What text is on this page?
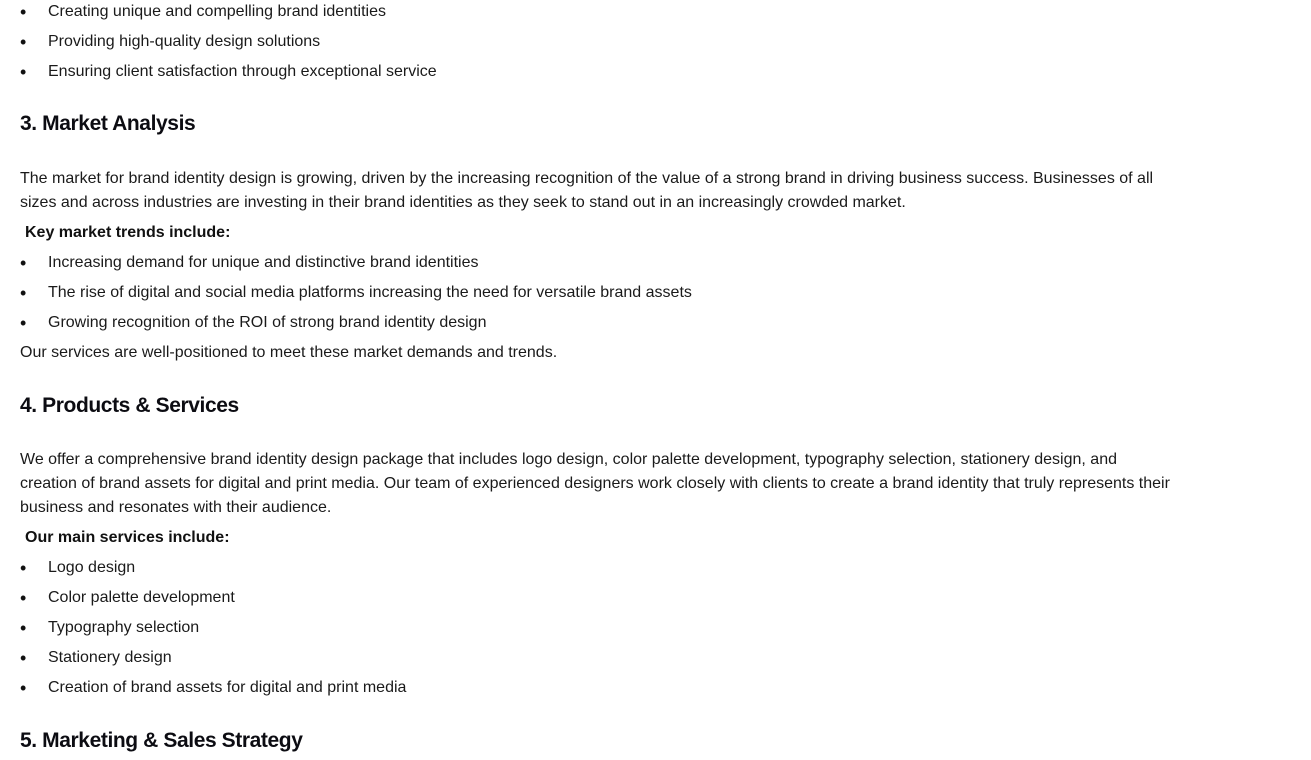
• Creating unique and compelling brand identities
• Providing high-quality design solutions
• Ensuring client satisfaction through exceptional service
3. Market Analysis

The market for brand identity design is growing, driven by the increasing recognition of the value of a strong brand in driving business success. Businesses of all sizes and across industries are investing in their brand identities as they seek to stand out in an increasingly crowded market.

Key market trends include:

• Increasing demand for unique and distinctive brand identities
• The rise of digital and social media platforms increasing the need for versatile brand assets
• Growing recognition of the ROI of strong brand identity design

Our services are well-positioned to meet these market demands and trends.

4. Products & Services

We offer a comprehensive brand identity design package that includes logo design, color palette development, typography selection, stationery design, and creation of brand assets for digital and print media. Our team of experienced designers work closely with clients to create a brand identity that truly represents their business and resonates with their audience.

Our main services include:

• Logo design
• Color palette development
• Typography selection
• Stationery design
• Creation of brand assets for digital and print media
5. Marketing & Sales Strategy
